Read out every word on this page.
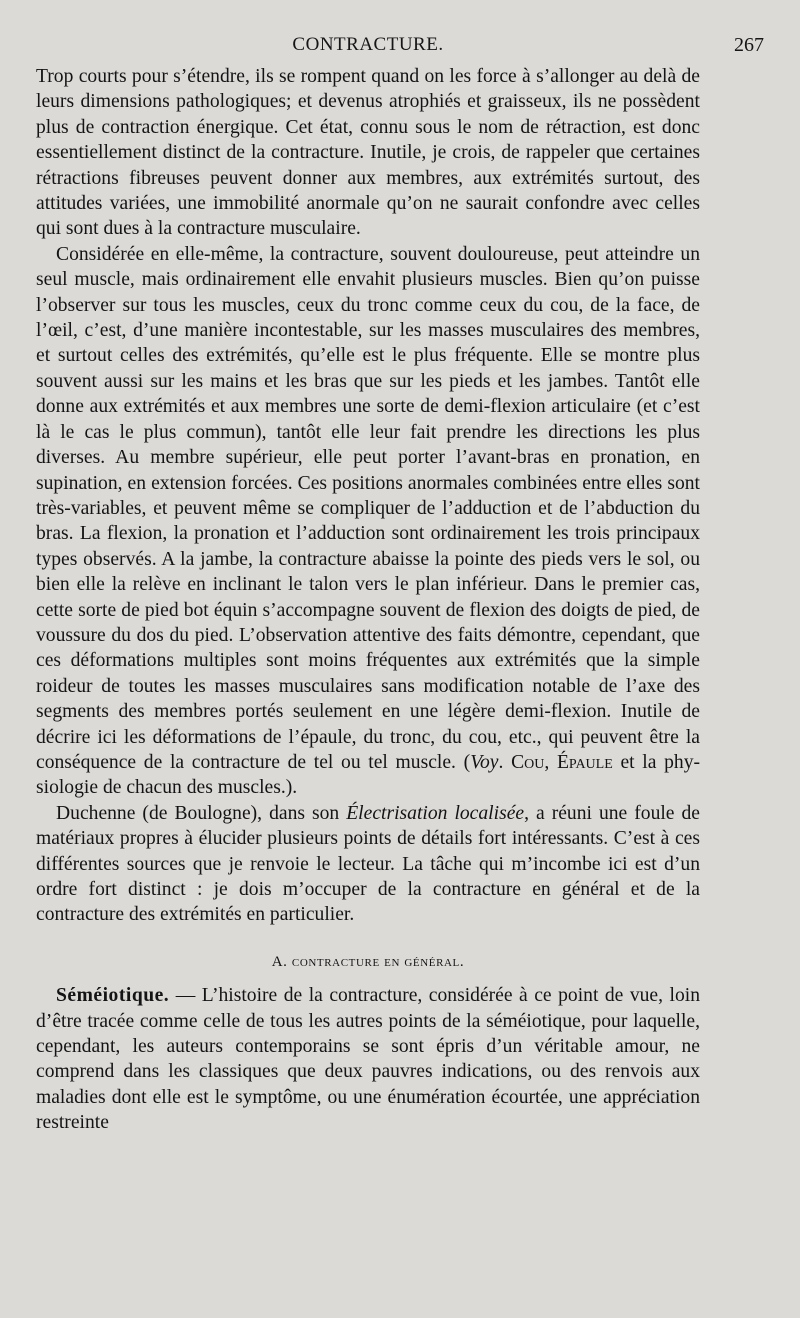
CONTRACTURE.	267

Trop courts pour s’étendre, ils se rompent quand on les force à s’allonger au delà de leurs dimensions pathologiques; et devenus atrophiés et graisseux, ils ne possèdent plus de contraction énergique. Cet état, connu sous le nom de rétraction, est donc essentiellement distinct de la contracture. Inutile, je crois, de rappeler que certaines rétractions fibreuses peuvent donner aux membres, aux extrémités surtout, des attitudes variées, une immobilité anormale qu’on ne saurait confondre avec celles qui sont dues à la contracture musculaire.

Considérée en elle-même, la contracture, souvent douloureuse, peut atteindre un seul muscle, mais ordinairement elle envahit plusieurs muscles. Bien qu’on puisse l’observer sur tous les muscles, ceux du tronc comme ceux du cou, de la face, de l’œil, c’est, d’une manière incontestable, sur les masses musculaires des membres, et surtout celles des extrémités, qu’elle est le plus fréquente. Elle se montre plus souvent aussi sur les mains et les bras que sur les pieds et les jambes. Tantôt elle donne aux extrémités et aux membres une sorte de demi-flexion articulaire (et c’est là le cas le plus commun), tantôt elle leur fait prendre les directions les plus diverses. Au membre supérieur, elle peut porter l’avant-bras en pronation, en supination, en extension forcées. Ces positions anormales combinées entre elles sont très-variables, et peuvent même se compliquer de l’adduction et de l’abduction du bras. La flexion, la pronation et l’adduction sont ordinairement les trois principaux types observés. A la jambe, la contracture abaisse la pointe des pieds vers le sol, ou bien elle la relève en inclinant le talon vers le plan inférieur. Dans le premier cas, cette sorte de pied bot équin s’accompagne souvent de flexion des doigts de pied, de voussure du dos du pied. L’observation attentive des faits démontre, cependant, que ces déformations multiples sont moins fréquentes aux extrémités que la simple roideur de toutes les masses musculaires sans modification notable de l’axe des segments des membres portés seulement en une légère demi-flexion. Inutile de décrire ici les déformations de l’épaule, du tronc, du cou, etc., qui peuvent être la conséquence de la contracture de tel ou tel muscle. (Voy. Cou, Épaule et la physiologie de chacun des muscles.).

Duchenne (de Boulogne), dans son Électrisation localisée, a réuni une foule de matériaux propres à élucider plusieurs points de détails fort intéressants. C’est à ces différentes sources que je renvoie le lecteur. La tâche qui m’incombe ici est d’un ordre fort distinct : je dois m’occuper de la contracture en général et de la contracture des extrémités en particulier.

A. contracture en général.

Séméiotique. — L’histoire de la contracture, considérée à ce point de vue, loin d’être tracée comme celle de tous les autres points de la séméiotique, pour laquelle, cependant, les auteurs contemporains se sont épris d’un véritable amour, ne comprend dans les classiques que deux pauvres indications, ou des renvois aux maladies dont elle est le symptôme, ou une énumération écourtée, une appréciation restreinte
